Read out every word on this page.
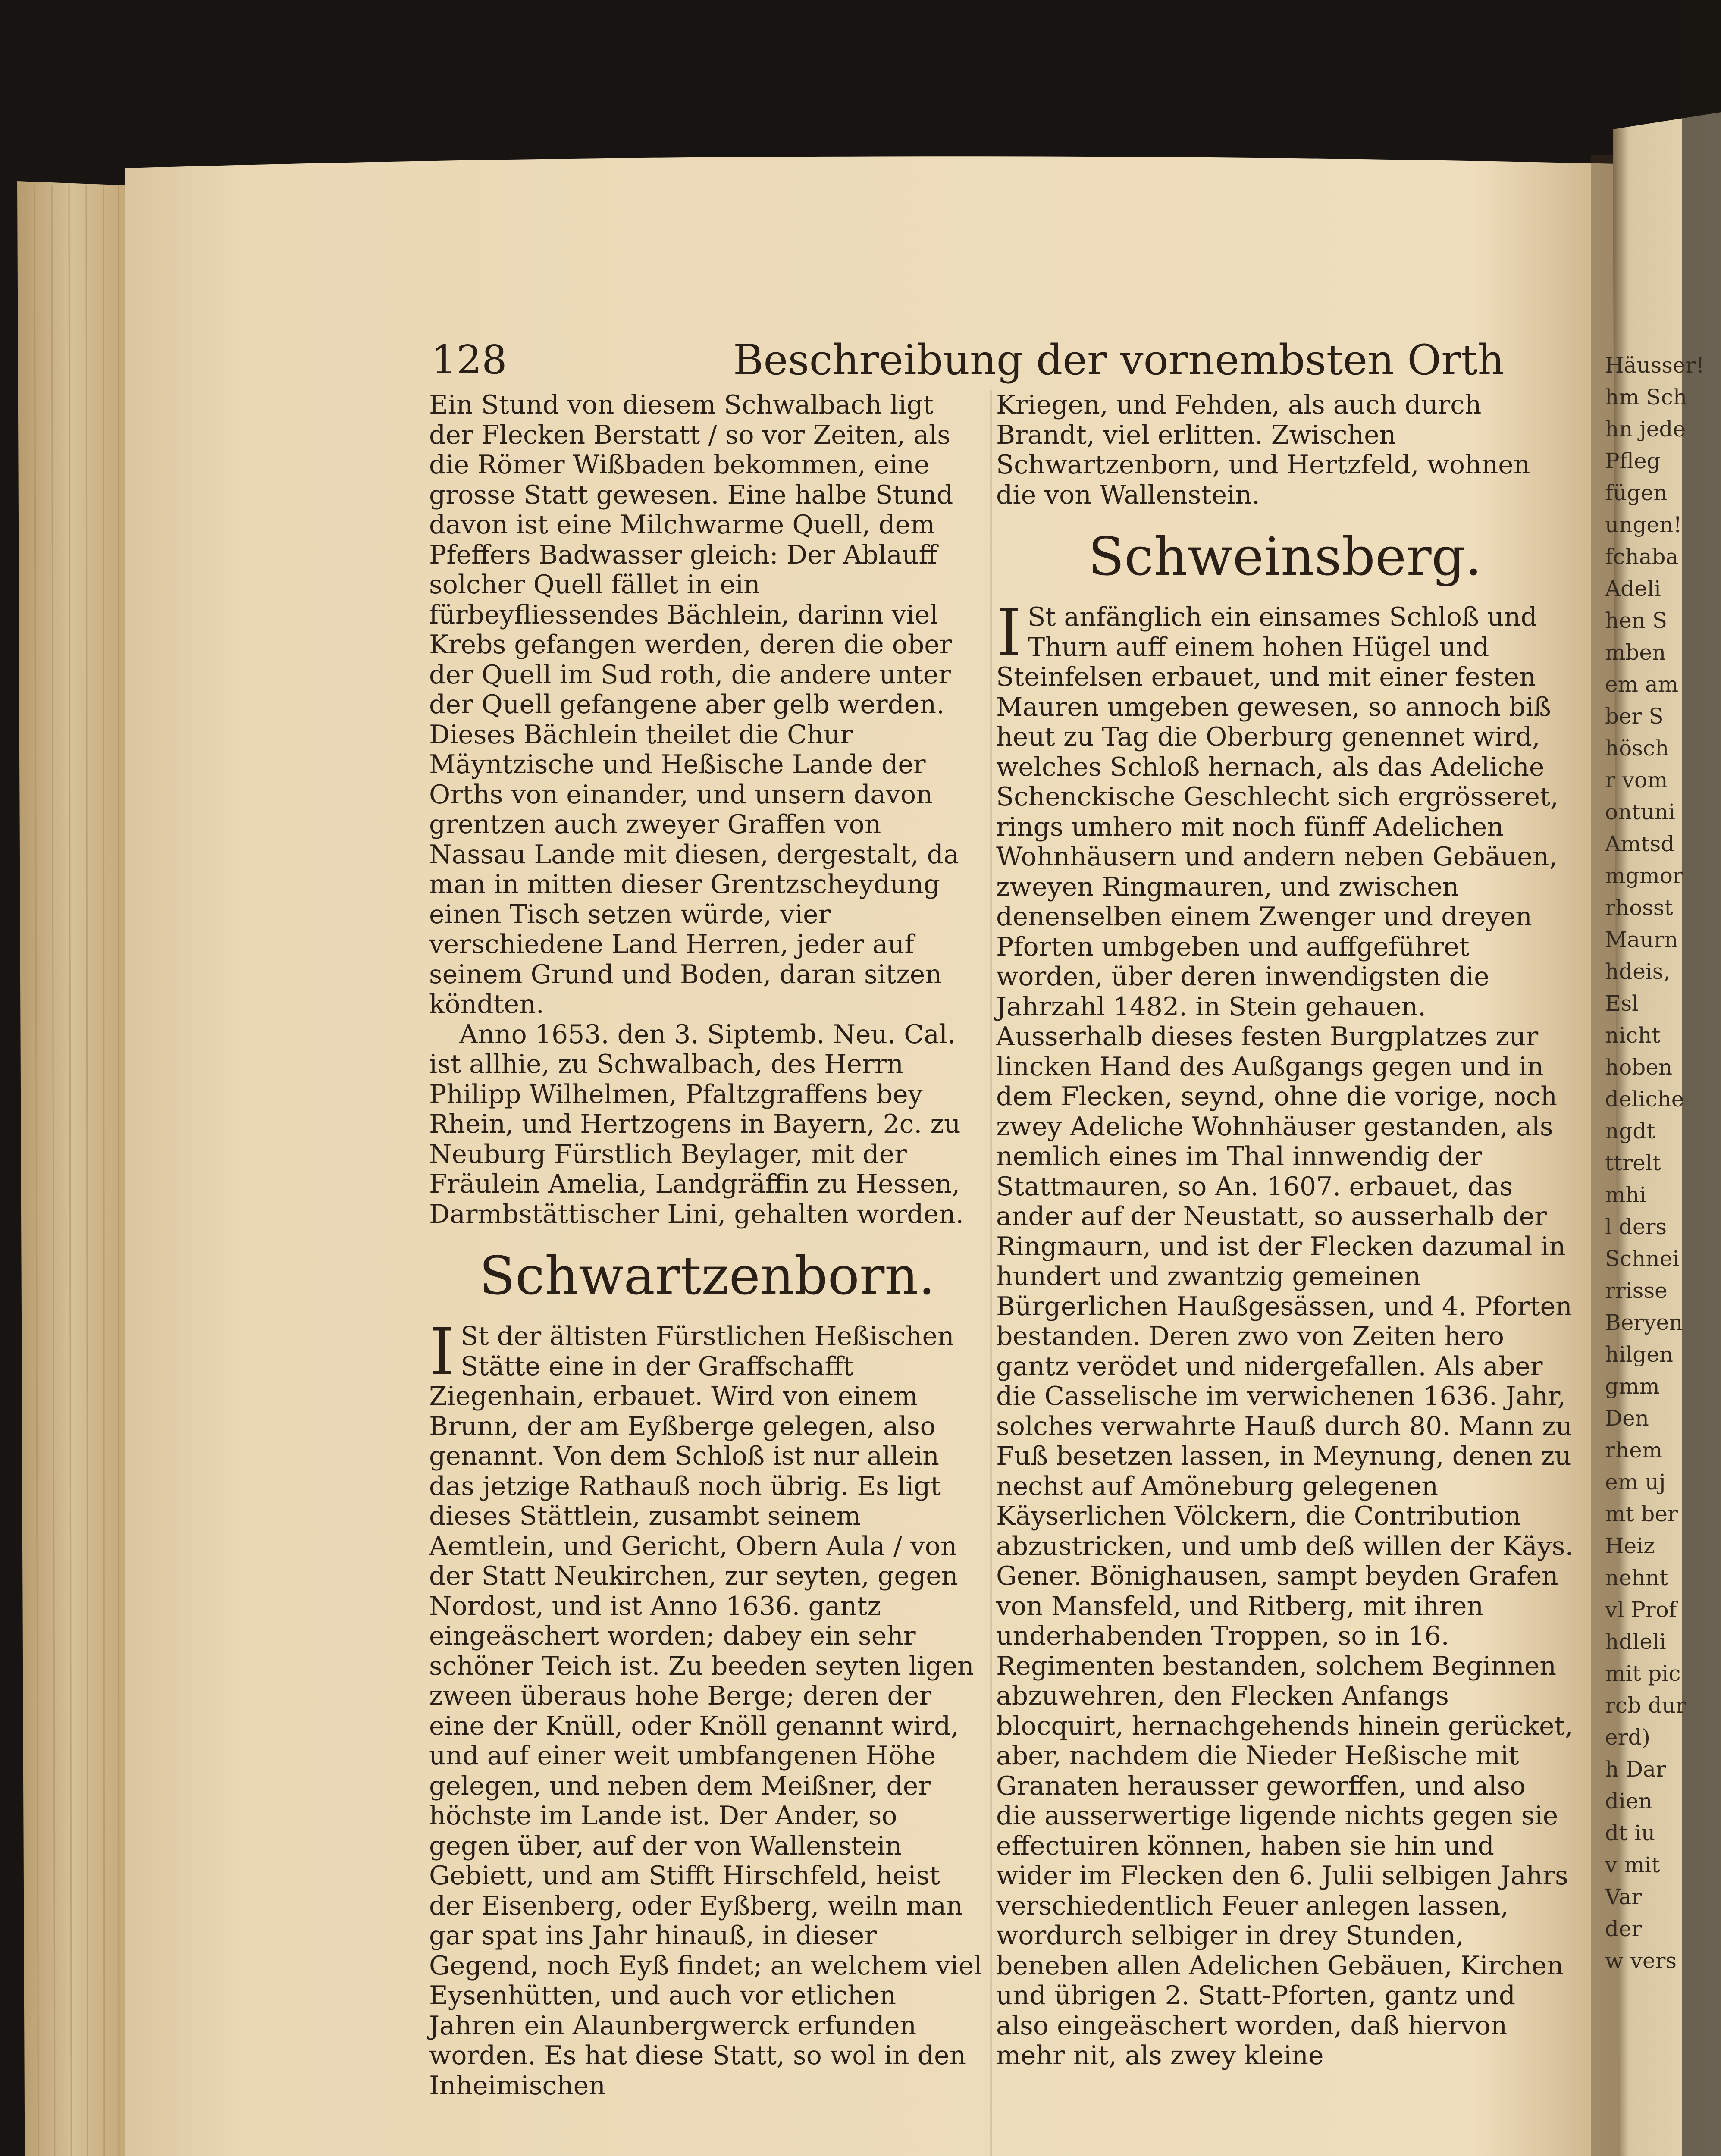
128	Beschreibung der vornembsten Orth

Ein Stund von diesem Schwalbach ligt der Flecken Berstatt / so vor Zeiten, als die Römer Wißbaden bekommen, eine grosse Statt gewesen. Eine halbe Stund davon ist eine Milchwarme Quell, dem Pfeffers Badwasser gleich: Der Ablauff solcher Quell fället in ein fürbeyfliessendes Bächlein, darinn viel Krebs gefangen werden, deren die ober der Quell im Sud roth, die andere unter der Quell gefangene aber gelb werden. Dieses Bächlein theilet die Chur Mäyntzische und Heßische Lande der Orths von einander, und unsern davon grentzen auch zweyer Graffen von Nassau Lande mit diesen, dergestalt, da man in mitten dieser Grentzscheydung einen Tisch setzen würde, vier verschiedene Land Herren, jeder auf seinem Grund und Boden, daran sitzen köndten.

Anno 1653. den 3. Siptemb. Neu. Cal. ist allhie, zu Schwalbach, des Herrn Philipp Wilhelmen, Pfaltzgraffens bey Rhein, und Hertzogens in Bayern, 2c. zu Neuburg Fürstlich Beylager, mit der Fräulein Amelia, Landgräffin zu Hessen, Darmbstättischer Lini, gehalten worden.

Schwartzenborn.

I St der ältisten Fürstlichen Heßischen Stätte eine in der Graffschafft Ziegenhain, erbauet. Wird von einem Brunn, der am Eyßberge gelegen, also genannt. Von dem Schloß ist nur allein das jetzige Rathauß noch übrig. Es ligt dieses Stättlein, zusambt seinem Aemtlein, und Gericht, Obern Aula / von der Statt Neukirchen, zur seyten, gegen Nordost, und ist Anno 1636. gantz eingeäschert worden; dabey ein sehr schöner Teich ist. Zu beeden seyten ligen zween überaus hohe Berge; deren der eine der Knüll, oder Knöll genannt wird, und auf einer weit umbfangenen Höhe gelegen, und neben dem Meißner, der höchste im Lande ist. Der Ander, so gegen über, auf der von Wallenstein Gebiett, und am Stifft Hirschfeld, heist der Eisenberg, oder Eyßberg, weiln man gar spat ins Jahr hinauß, in dieser Gegend, noch Eyß findet; an welchem viel Eysenhütten, und auch vor etlichen Jahren ein Alaunbergwerck erfunden worden. Es hat diese Statt, so wol in den Inheimischen

Kriegen, und Fehden, als auch durch Brandt, viel erlitten. Zwischen Schwartzenborn, und Hertzfeld, wohnen die von Wallenstein.

Schweinsberg.

I St anfänglich ein einsames Schloß und Thurn auff einem hohen Hügel und Steinfelsen erbauet, und mit einer festen Mauren umgeben gewesen, so annoch biß heut zu Tag die Oberburg genennet wird, welches Schloß hernach, als das Adeliche Schenckische Geschlecht sich ergrösseret, rings umhero mit noch fünff Adelichen Wohnhäusern und andern neben Gebäuen, zweyen Ringmauren, und zwischen denenselben einem Zwenger und dreyen Pforten umbgeben und auffgeführet worden, über deren inwendigsten die Jahrzahl 1482. in Stein gehauen. Ausserhalb dieses festen Burgplatzes zur lincken Hand des Außgangs gegen und in dem Flecken, seynd, ohne die vorige, noch zwey Adeliche Wohnhäuser gestanden, als nemlich eines im Thal innwendig der Stattmauren, so An. 1607. erbauet, das ander auf der Neustatt, so ausserhalb der Ringmaurn, und ist der Flecken dazumal in hundert und zwantzig gemeinen Bürgerlichen Haußgesässen, und 4. Pforten bestanden. Deren zwo von Zeiten hero gantz verödet und nidergefallen. Als aber die Casselische im verwichenen 1636. Jahr, solches verwahrte Hauß durch 80. Mann zu Fuß besetzen lassen, in Meynung, denen zu nechst auf Amöneburg gelegenen Käyserlichen Völckern, die Contribution abzustricken, und umb deß willen der Käys. Gener. Bönighausen, sampt beyden Grafen von Mansfeld, und Ritberg, mit ihren underhabenden Troppen, so in 16. Regimenten bestanden, solchem Beginnen abzuwehren, den Flecken Anfangs blocquirt, hernachgehends hinein gerücket, aber, nachdem die Nieder Heßische mit Granaten herausser geworffen, und also die ausserwertige ligende nichts gegen sie effectuiren können, haben sie hin und wider im Flecken den 6. Julii selbigen Jahrs verschiedentlich Feuer anlegen lassen, wordurch selbiger in drey Stunden, beneben allen Adelichen Gebäuen, Kirchen und übrigen 2. Statt-Pforten, gantz und also eingeäschert worden, daß hiervon mehr nit, als zwey kleine

Häusser!
hm Sch
hn jede
Pfleg
fügen
ungen!
fchaba
Adeli
hen S
mben
em am
ber S
hösch
r vom
ontuni
Amtsd
mgmor
rhosst
Maurn
hdeis,
Esl
nicht
hoben
deliche
ngdt
ttrelt
mhi
l ders
Schnei
rrisse
Beryen
hilgen
gmm
Den
rhem
em uj
mt ber
Heiz
nehnt
vl Prof
hdleli
mit pic
rcb dur
erd)
h Dar
dien
dt iu
v mit
Var
der
w vers
